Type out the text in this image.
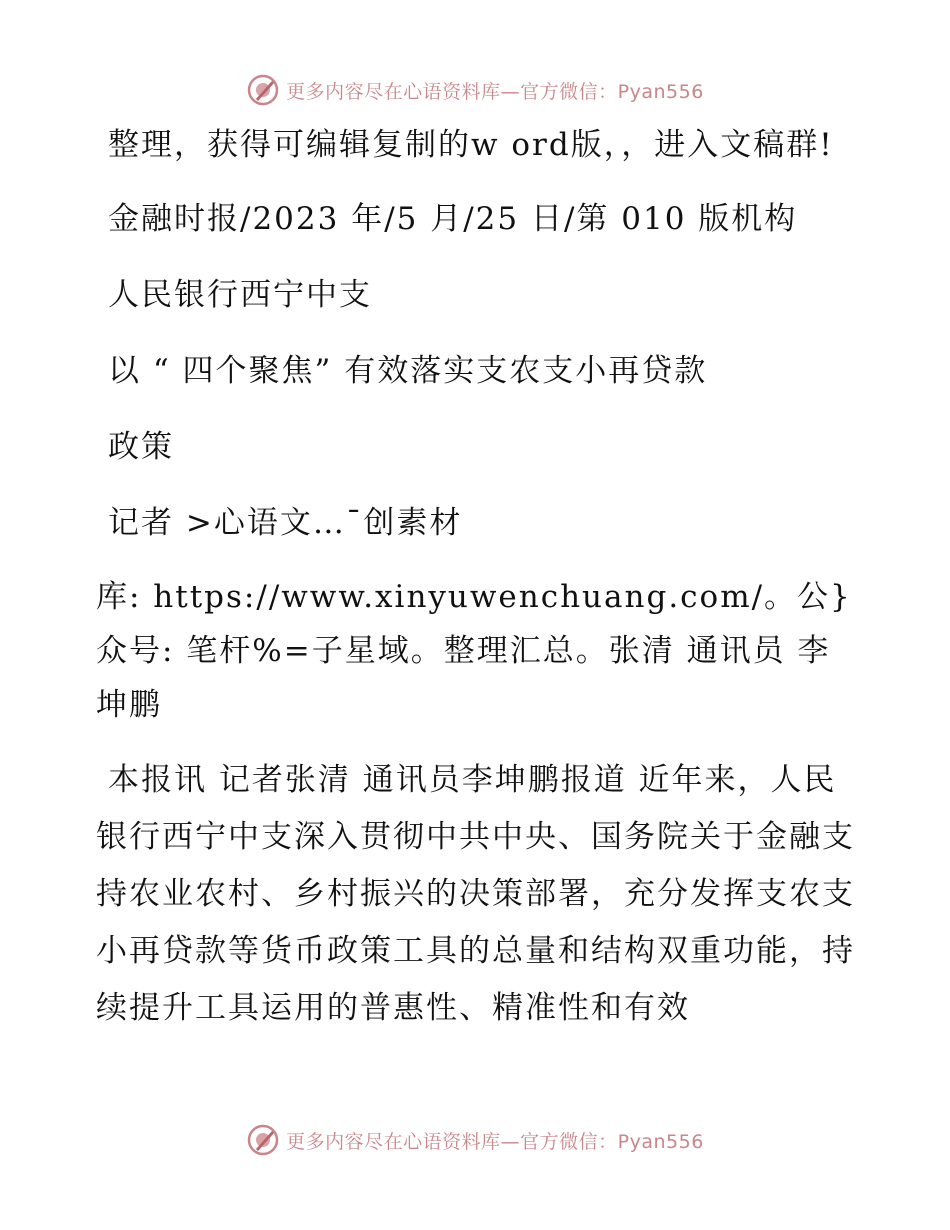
更多内容尽在心语资料库—官方微信：Pyan556

整理，获得可编辑复制的w ord版，，进入文稿群!

金融时报/2023 年/5 月/25 日/第 010 版机构

人民银行西宁中支

以 “ 四个聚焦” 有效落实支农支小再贷款

政策

记者 >心语文…¯创素材

库: https://www.xinyuwenchuang.com/。公}众号: 笔杆%=子星域。整理汇总。张清 通讯员 李坤鹏

本报讯 记者张清 通讯员李坤鹏报道 近年来，人民银行西宁中支深入贯彻中共中央、国务院关于金融支持农业农村、乡村振兴的决策部署，充分发挥支农支小再贷款等货币政策工具的总量和结构双重功能，持续提升工具运用的普惠性、精准性和有效

更多内容尽在心语资料库—官方微信：Pyan556
